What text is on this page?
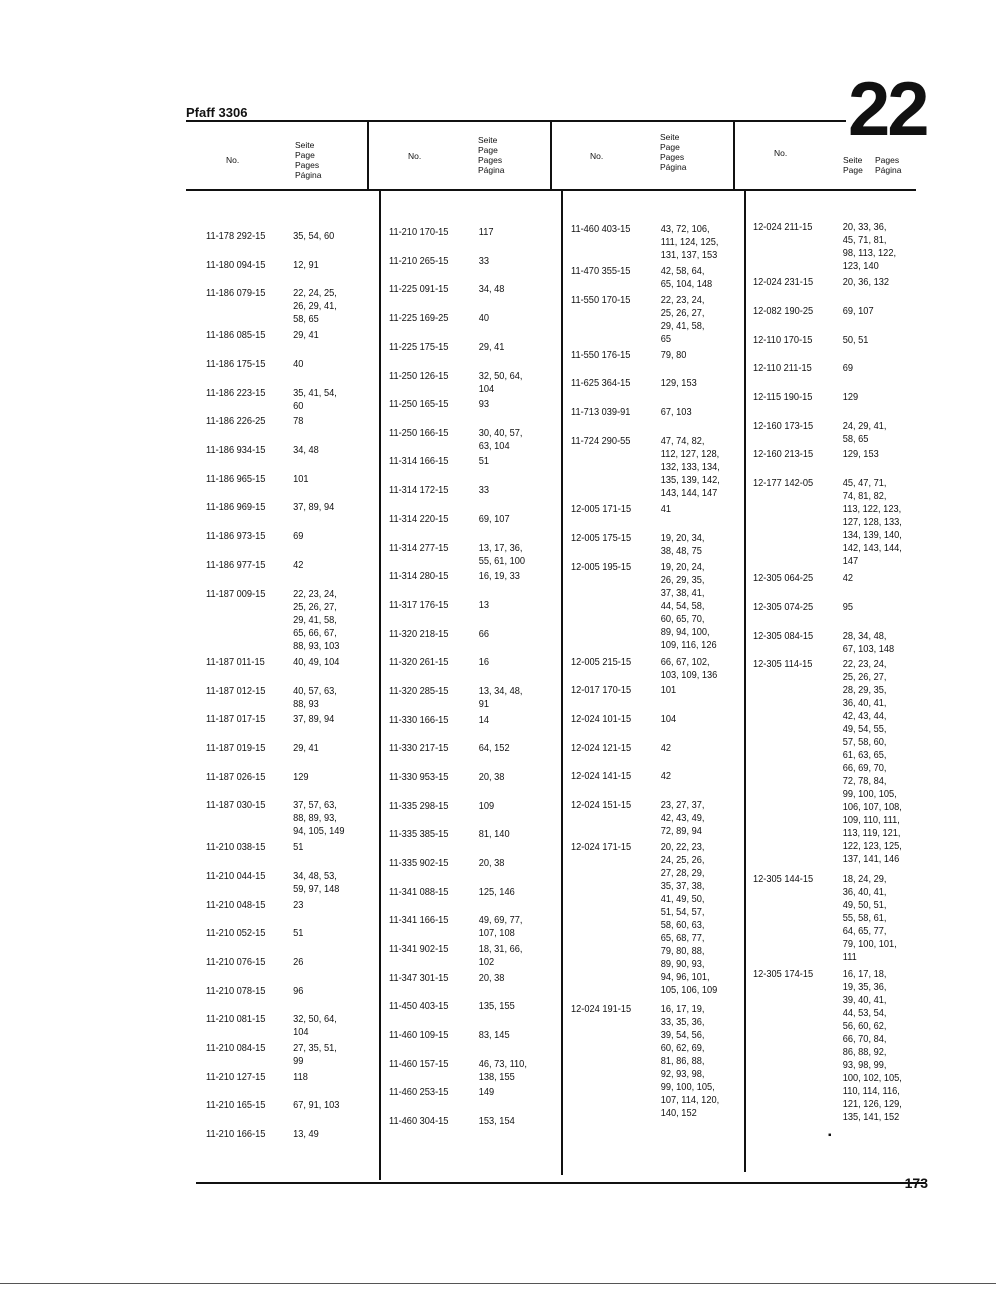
Pfaff 3306	22
No.
Seite
Page
Pages
Página
No.
Seite
Page
Pages
Página
No.
Seite
Page
Pages
Página
No.
Seite
Page
Pages
Página
11-178 292-15	35, 54, 60
11-180 094-15	12, 91
11-186 079-15	22, 24, 25,
26, 29, 41,
58, 65
11-186 085-15	29, 41
11-186 175-15	40
11-186 223-15	35, 41, 54,
60
11-186 226-25	78
11-186 934-15	34, 48
11-186 965-15	101
11-186 969-15	37, 89, 94
11-186 973-15	69
11-186 977-15	42
11-187 009-15	22, 23, 24,
25, 26, 27,
29, 41, 58,
65, 66, 67,
88, 93, 103
11-187 011-15	40, 49, 104
11-187 012-15	40, 57, 63,
88, 93
11-187 017-15	37, 89, 94
11-187 019-15	29, 41
11-187 026-15	129
11-187 030-15	37, 57, 63,
88, 89, 93,
94, 105, 149
11-210 038-15	51
11-210 044-15	34, 48, 53,
59, 97, 148
11-210 048-15	23
11-210 052-15	51
11-210 076-15	26
11-210 078-15	96
11-210 081-15	32, 50, 64,
104
11-210 084-15	27, 35, 51,
99
11-210 127-15	118
11-210 165-15	67, 91, 103
11-210 166-15	13, 49
11-210 170-15	117
11-210 265-15	33
11-225 091-15	34, 48
11-225 169-25	40
11-225 175-15	29, 41
11-250 126-15	32, 50, 64,
104
11-250 165-15	93
11-250 166-15	30, 40, 57,
63, 104
11-314 166-15	51
11-314 172-15	33
11-314 220-15	69, 107
11-314 277-15	13, 17, 36,
55, 61, 100
11-314 280-15	16, 19, 33
11-317 176-15	13
11-320 218-15	66
11-320 261-15	16
11-320 285-15	13, 34, 48,
91
11-330 166-15	14
11-330 217-15	64, 152
11-330 953-15	20, 38
11-335 298-15	109
11-335 385-15	81, 140
11-335 902-15	20, 38
11-341 088-15	125, 146
11-341 166-15	49, 69, 77,
107, 108
11-341 902-15	18, 31, 66,
102
11-347 301-15	20, 38
11-450 403-15	135, 155
11-460 109-15	83, 145
11-460 157-15	46, 73, 110,
138, 155
11-460 253-15	149
11-460 304-15	153, 154
11-460 403-15	43, 72, 106,
111, 124, 125,
131, 137, 153
11-470 355-15	42, 58, 64,
65, 104, 148
11-550 170-15	22, 23, 24,
25, 26, 27,
29, 41, 58,
65
11-550 176-15	79, 80
11-625 364-15	129, 153
11-713 039-91	67, 103
11-724 290-55	47, 74, 82,
112, 127, 128,
132, 133, 134,
135, 139, 142,
143, 144, 147
12-005 171-15	41
12-005 175-15	19, 20, 34,
38, 48, 75
12-005 195-15	19, 20, 24,
26, 29, 35,
37, 38, 41,
44, 54, 58,
60, 65, 70,
89, 94, 100,
109, 116, 126
12-005 215-15	66, 67, 102,
103, 109, 136
12-017 170-15	101
12-024 101-15	104
12-024 121-15	42
12-024 141-15	42
12-024 151-15	23, 27, 37,
42, 43, 49,
72, 89, 94
12-024 171-15	20, 22, 23,
24, 25, 26,
27, 28, 29,
35, 37, 38,
41, 49, 50,
51, 54, 57,
58, 60, 63,
65, 68, 77,
79, 80, 88,
89, 90, 93,
94, 96, 101,
105, 106, 109
12-024 191-15	16, 17, 19,
33, 35, 36,
39, 54, 56,
60, 62, 69,
81, 86, 88,
92, 93, 98,
99, 100, 105,
107, 114, 120,
140, 152
12-024 211-15	20, 33, 36,
45, 71, 81,
98, 113, 122,
123, 140
12-024 231-15	20, 36, 132
12-082 190-25	69, 107
12-110 170-15	50, 51
12-110 211-15	69
12-115 190-15	129
12-160 173-15	24, 29, 41,
58, 65
12-160 213-15	129, 153
12-177 142-05	45, 47, 71,
74, 81, 82,
113, 122, 123,
127, 128, 133,
134, 139, 140,
142, 143, 144,
147
12-305 064-25	42
12-305 074-25	95
12-305 084-15	28, 34, 48,
67, 103, 148
12-305 114-15	22, 23, 24,
25, 26, 27,
28, 29, 35,
36, 40, 41,
42, 43, 44,
49, 54, 55,
57, 58, 60,
61, 63, 65,
66, 69, 70,
72, 78, 84,
99, 100, 105,
106, 107, 108,
109, 110, 111,
113, 119, 121,
122, 123, 125,
137, 141, 146
12-305 144-15	18, 24, 29,
36, 40, 41,
49, 50, 51,
55, 58, 61,
64, 65, 77,
79, 100, 101,
111
12-305 174-15	16, 17, 18,
19, 35, 36,
39, 40, 41,
44, 53, 54,
56, 60, 62,
66, 70, 84,
86, 88, 92,
93, 98, 99,
100, 102, 105,
110, 114, 116,
121, 126, 129,
135, 141, 152
▪
173
